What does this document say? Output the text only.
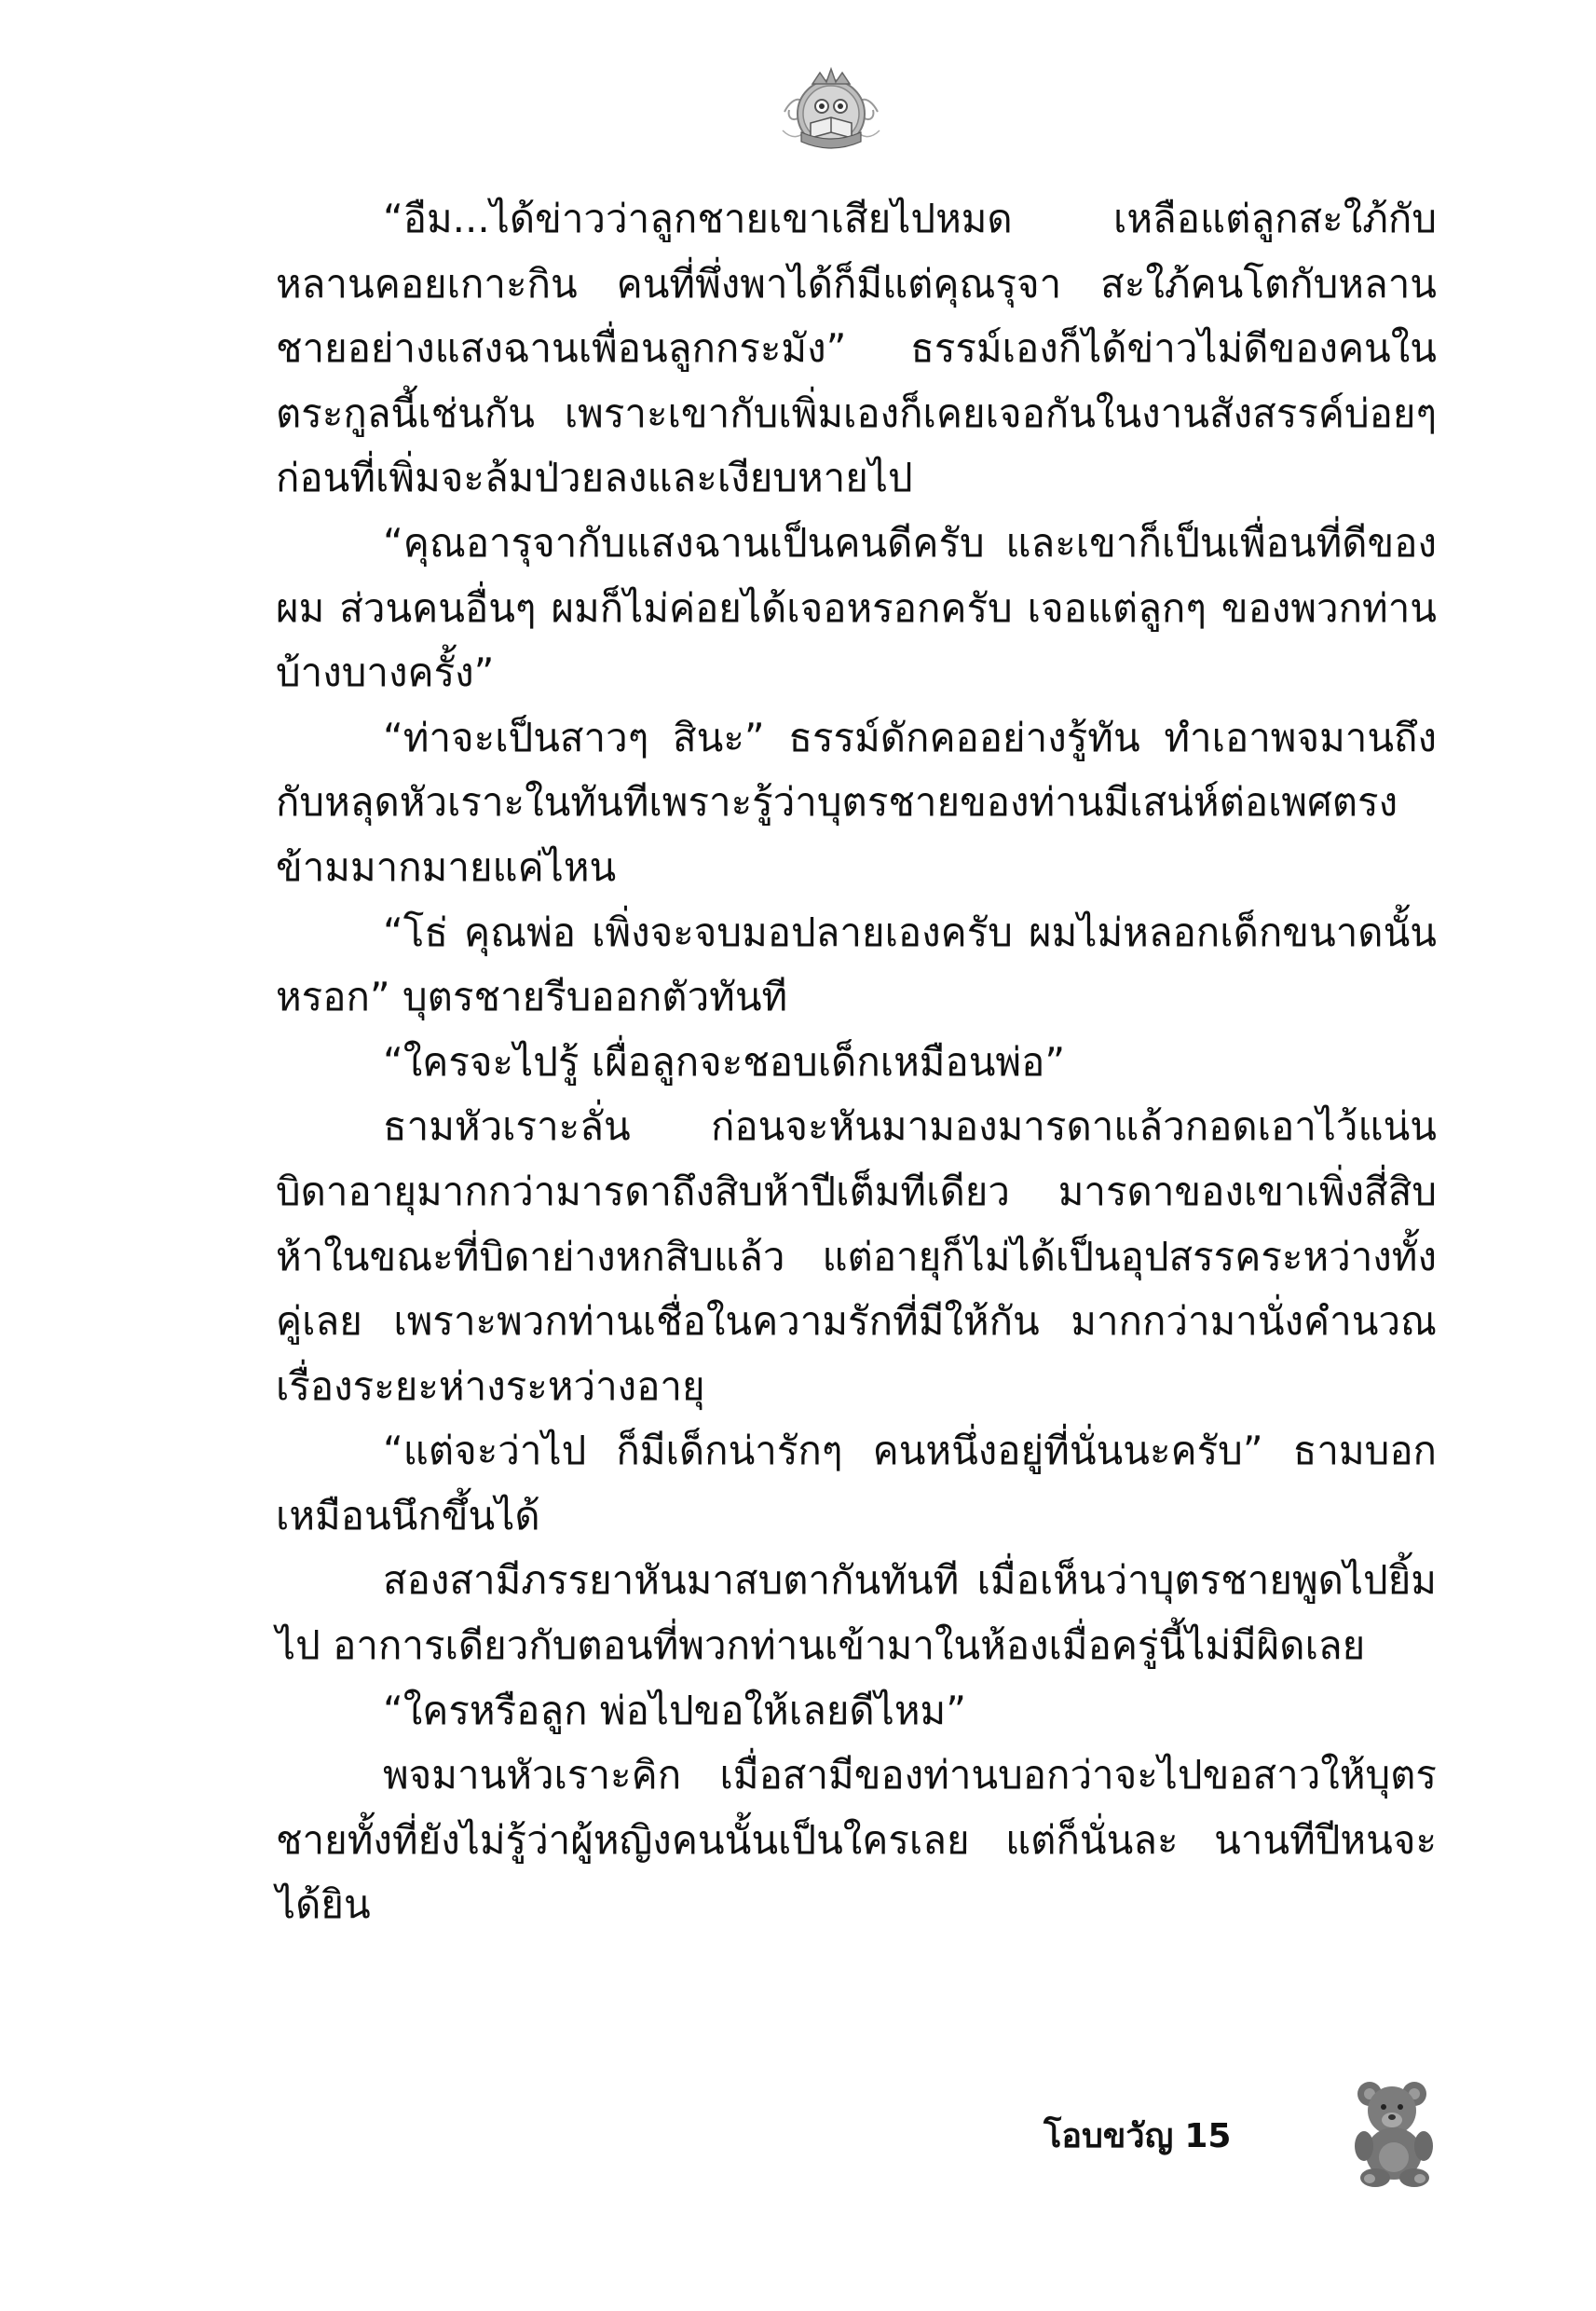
“อืม...ได้ข่าวว่าลูกชายเขาเสียไปหมด เหลือแต่ลูกสะใภ้กับหลานคอยเกาะกิน คนที่พึ่งพาได้ก็มีแต่คุณรุจา สะใภ้คนโตกับหลานชายอย่างแสงฉานเพื่อนลูกกระมัง” ธรรม์เองก็ได้ข่าวไม่ดีของคนในตระกูลนี้เช่นกัน เพราะเขากับเพิ่มเองก็เคยเจอกันในงานสังสรรค์บ่อยๆ ก่อนที่เพิ่มจะล้มป่วยลงและเงียบหายไป

“คุณอารุจากับแสงฉานเป็นคนดีครับ และเขาก็เป็นเพื่อนที่ดีของผม ส่วนคนอื่นๆ ผมก็ไม่ค่อยได้เจอหรอกครับ เจอแต่ลูกๆ ของพวกท่านบ้างบางครั้ง”

“ท่าจะเป็นสาวๆ สินะ” ธรรม์ดักคออย่างรู้ทัน ทำเอาพจมานถึงกับหลุดหัวเราะในทันทีเพราะรู้ว่าบุตรชายของท่านมีเสน่ห์ต่อเพศตรงข้ามมากมายแค่ไหน

“โธ่ คุณพ่อ เพิ่งจะจบมอปลายเองครับ ผมไม่หลอกเด็กขนาดนั้นหรอก” บุตรชายรีบออกตัวทันที

“ใครจะไปรู้ เผื่อลูกจะชอบเด็กเหมือนพ่อ”

ธามหัวเราะลั่น ก่อนจะหันมามองมารดาแล้วกอดเอาไว้แน่น บิดาอายุมากกว่ามารดาถึงสิบห้าปีเต็มทีเดียว มารดาของเขาเพิ่งสี่สิบห้าในขณะที่บิดาย่างหกสิบแล้ว แต่อายุก็ไม่ได้เป็นอุปสรรคระหว่างทั้งคู่เลย เพราะพวกท่านเชื่อในความรักที่มีให้กัน มากกว่ามานั่งคำนวณเรื่องระยะห่างระหว่างอายุ

“แต่จะว่าไป ก็มีเด็กน่ารักๆ คนหนึ่งอยู่ที่นั่นนะครับ” ธามบอกเหมือนนึกขึ้นได้

สองสามีภรรยาหันมาสบตากันทันที เมื่อเห็นว่าบุตรชายพูดไปยิ้มไป อาการเดียวกับตอนที่พวกท่านเข้ามาในห้องเมื่อครู่นี้ไม่มีผิดเลย

“ใครหรือลูก พ่อไปขอให้เลยดีไหม”

พจมานหัวเราะคิก เมื่อสามีของท่านบอกว่าจะไปขอสาวให้บุตรชายทั้งที่ยังไม่รู้ว่าผู้หญิงคนนั้นเป็นใครเลย แต่ก็นั่นละ นานทีปีหนจะได้ยิน

โอบขวัญ 15
